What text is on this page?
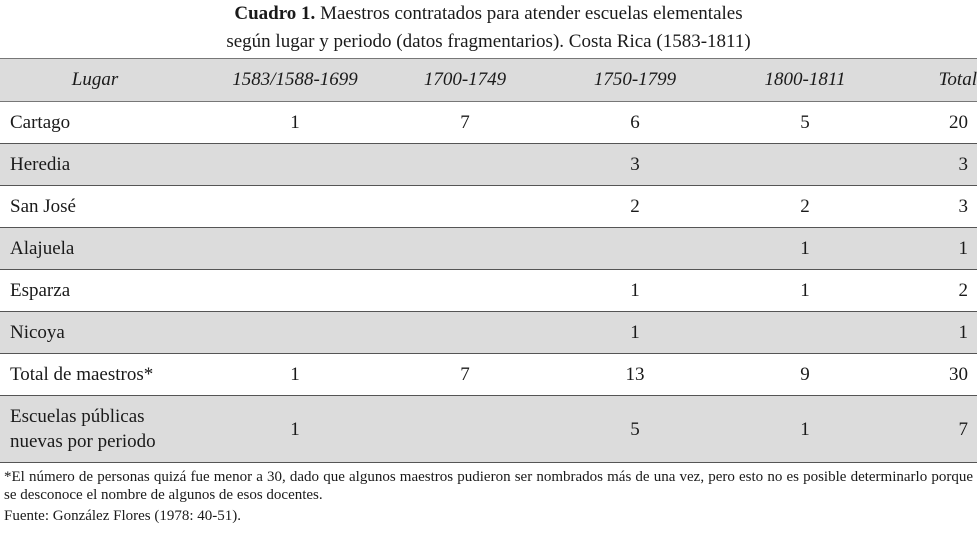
Cuadro 1. Maestros contratados para atender escuelas elementales
según lugar y periodo (datos fragmentarios). Costa Rica (1583-1811)
Lugar	1583/1588-1699	1700-1749	1750-1799	1800-1811	Total
Cartago	1	7	6	5	20
Heredia			3		3
San José			2	2	3
Alajuela				1	1
Esparza			1	1	2
Nicoya			1		1
Total de maestros*	1	7	13	9	30
Escuelas públicas nuevas por periodo	1		5	1	7
*El número de personas quizá fue menor a 30, dado que algunos maestros pudieron ser nombrados más de una vez, pero esto no es posible determinarlo porque se desconoce el nombre de algunos de esos docentes.
Fuente: González Flores (1978: 40-51).
